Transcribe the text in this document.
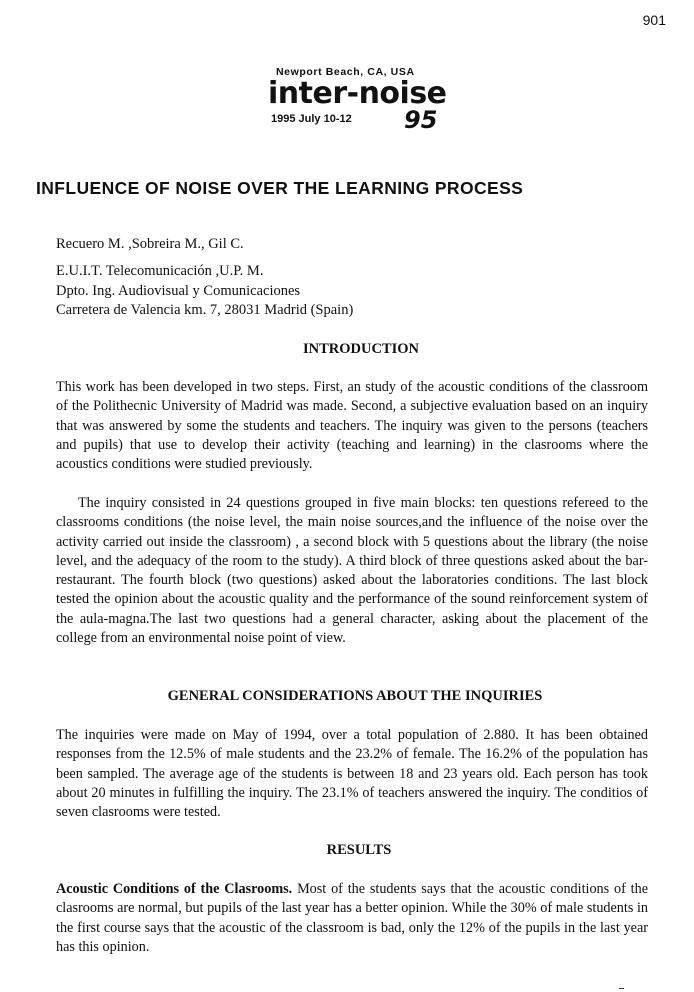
901
Newport Beach, CA, USA
inter-noise
1995 July 10-12 95
INFLUENCE OF NOISE OVER THE LEARNING PROCESS
Recuero M. ,Sobreira M., Gil C.
E.U.I.T. Telecomunicación ,U.P. M.
Dpto. Ing. Audiovisual y Comunicaciones
Carretera de Valencia km. 7, 28031 Madrid (Spain)
INTRODUCTION

This work has been developed in two steps. First, an study of the acoustic conditions of the classroom of the Polithecnic University of Madrid was made. Second, a subjective evaluation based on an inquiry that was answered by some the students and teachers. The inquiry was given to the persons (teachers and pupils) that use to develop their activity (teaching and learning) in the clasrooms where the acoustics conditions were studied previously.

The inquiry consisted in 24 questions grouped in five main blocks: ten questions refereed to the classrooms conditions (the noise level, the main noise sources,and the influence of the noise over the activity carried out inside the classroom) , a second block with 5 questions about the library (the noise level, and the adequacy of the room to the study). A third block of three questions asked about the bar-restaurant. The fourth block (two questions) asked about the laboratories conditions. The last block tested the opinion about the acoustic quality and the performance of the sound reinforcement system of the aula-magna.The last two questions had a general character, asking about the placement of the college from an environmental noise point of view.

GENERAL CONSIDERATIONS ABOUT THE INQUIRIES

The inquiries were made on May of 1994, over a total population of 2.880. It has been obtained responses from the 12.5% of male students and the 23.2% of female. The 16.2% of the population has been sampled. The average age of the students is between 18 and 23 years old. Each person has took about 20 minutes in fulfilling the inquiry. The 23.1% of teachers answered the inquiry. The conditios of seven clasrooms were tested.

RESULTS

Acoustic Conditions of the Clasrooms. Most of the students says that the acoustic conditions of the clasrooms are normal, but pupils of the last year has a better opinion. While the 30% of male students in the first course says that the acoustic of the classroom is bad, only the 12% of the pupils in the last year has this opinion.
